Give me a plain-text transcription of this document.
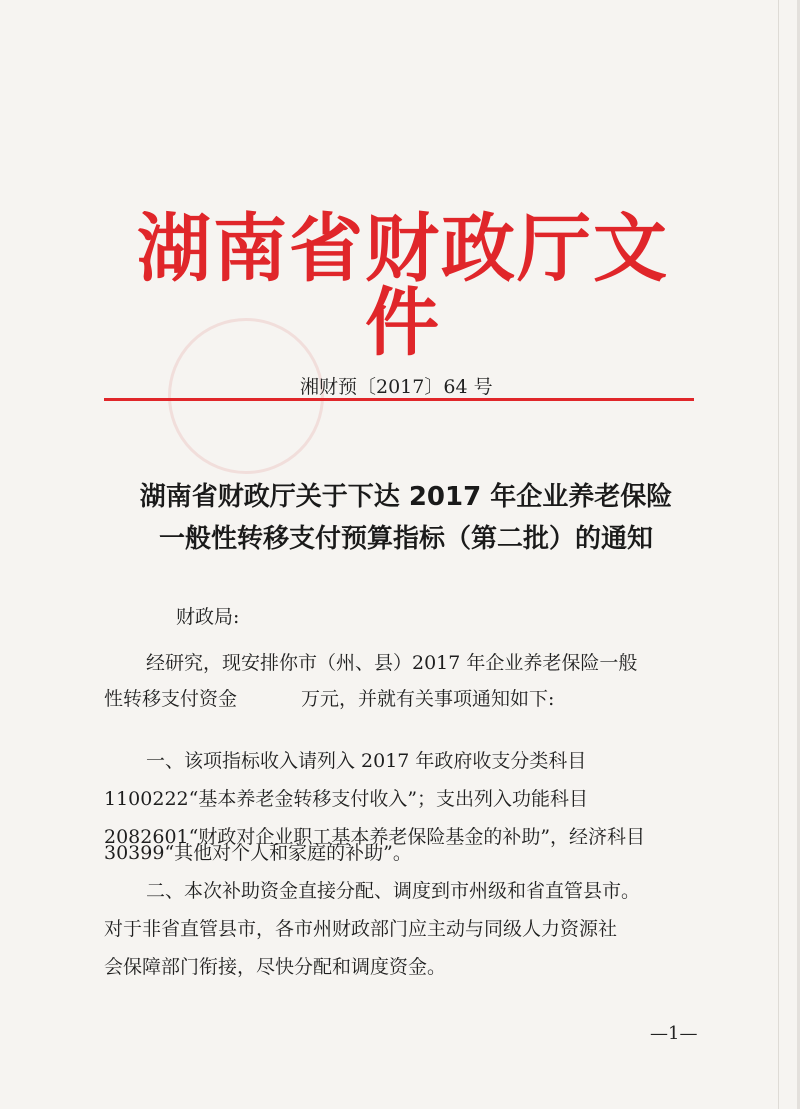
湖南省财政厅文件
湘财预〔2017〕64 号
湖南省财政厅关于下达 2017 年企业养老保险
一般性转移支付预算指标（第二批）的通知
财政局:
经研究，现安排你市（州、县）2017 年企业养老保险一般
性转移支付资金	万元，并就有关事项通知如下:
一、该项指标收入请列入 2017 年政府收支分类科目
1100222“基本养老金转移支付收入”；支出列入功能科目
2082601“财政对企业职工基本养老保险基金的补助”，经济科目
30399“其他对个人和家庭的补助”。
二、本次补助资金直接分配、调度到市州级和省直管县市。
对于非省直管县市，各市州财政部门应主动与同级人力资源社
会保障部门衔接，尽快分配和调度资金。
—1—
